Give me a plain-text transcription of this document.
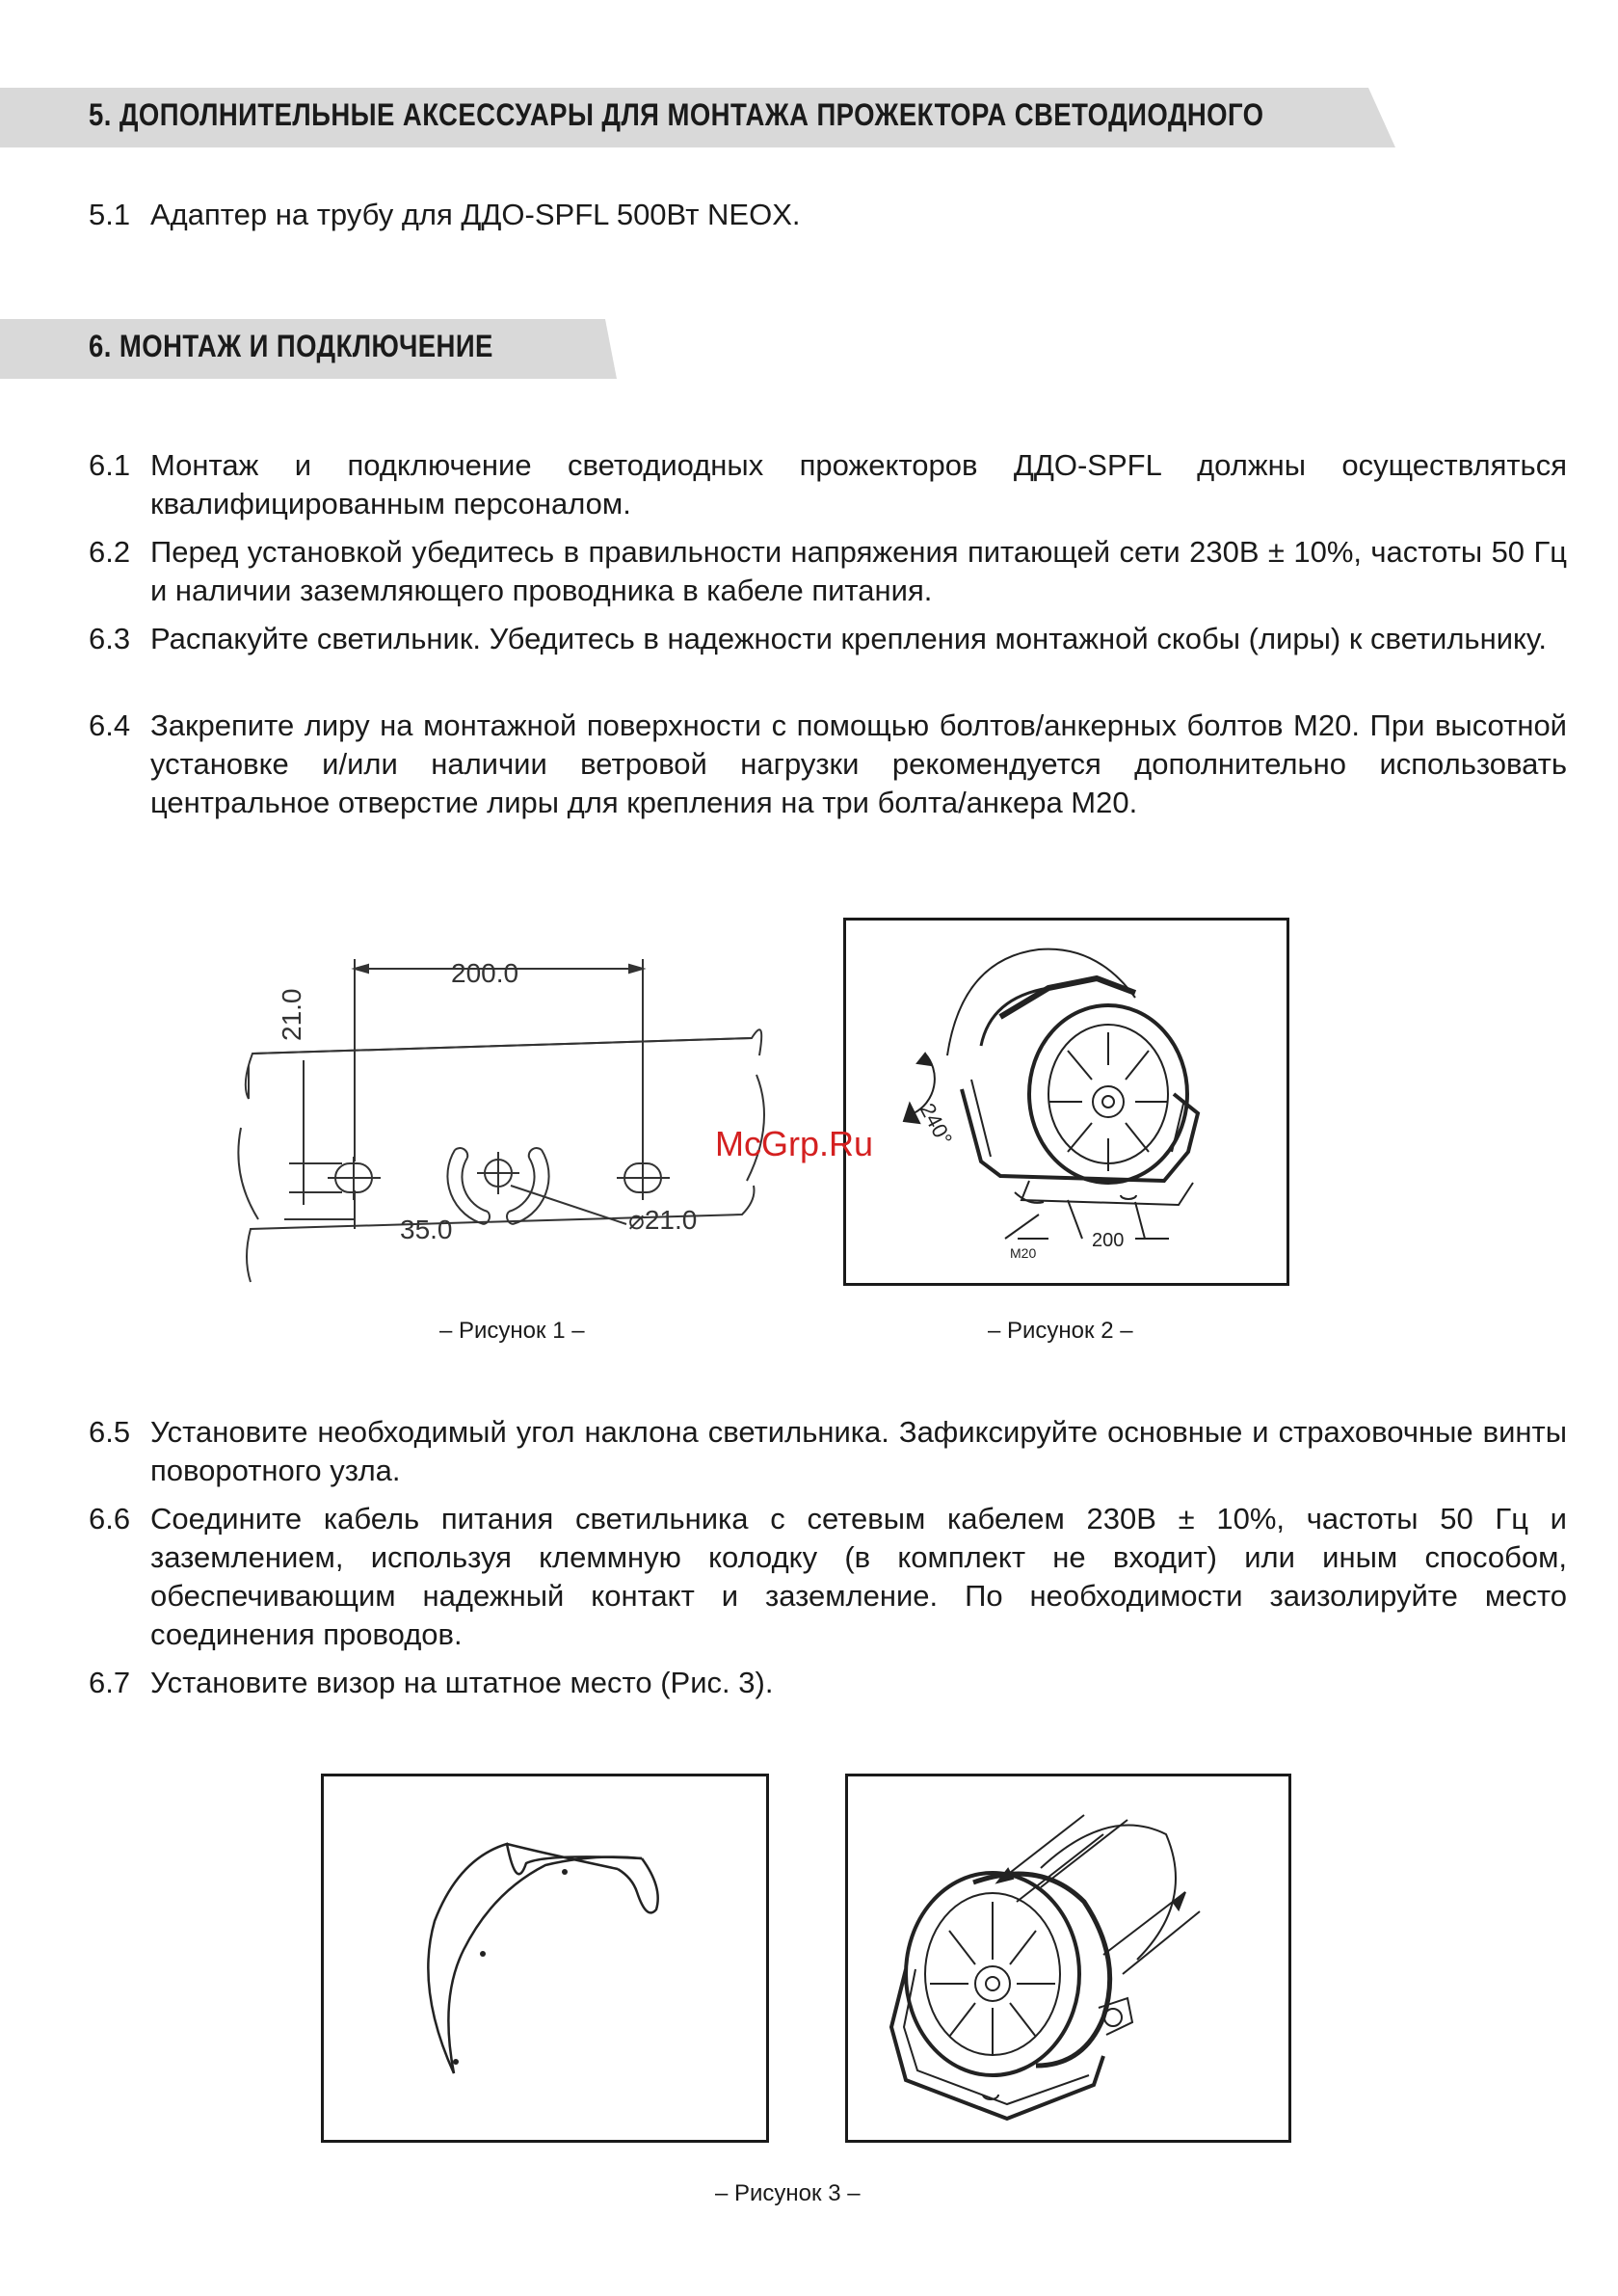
5. ДОПОЛНИТЕЛЬНЫЕ АКСЕССУАРЫ ДЛЯ МОНТАЖА ПРОЖЕКТОРА СВЕТОДИОДНОГО
5.1 Адаптер на трубу для ДДО-SPFL 500Вт NEOX.
6. МОНТАЖ И ПОДКЛЮЧЕНИЕ
6.1 Монтаж и подключение светодиодных прожекторов ДДО-SPFL должны осуществляться квалифицированным персоналом.
6.2 Перед установкой убедитесь в правильности напряжения питающей сети 230В ± 10%, частоты 50 Гц и наличии заземляющего проводника в кабеле питания.
6.3 Распакуйте светильник. Убедитесь в надежности крепления монтажной скобы (лиры) к светильнику.
6.4 Закрепите лиру на монтажной поверхности с помощью болтов/анкерных болтов М20. При высотной установке и/или наличии ветровой нагрузки рекомендуется дополнительно использовать центральное отверстие лиры для крепления на три болта/анкера М20.
200.0
21.0
35.0	⌀21.0
– Рисунок 1 –
240°
M20
200
– Рисунок 2 –
McGrp.Ru
6.5 Установите необходимый угол наклона светильника. Зафиксируйте основные и страховочные винты поворотного узла.
6.6 Соедините кабель питания светильника с сетевым кабелем 230В ± 10%, частоты 50 Гц и заземлением, используя клеммную колодку (в комплект не входит) или иным способом, обеспечивающим надежный контакт и заземление. По необходимости заизолируйте место соединения проводов.
6.7 Установите визор на штатное место (Рис. 3).
– Рисунок 3 –
